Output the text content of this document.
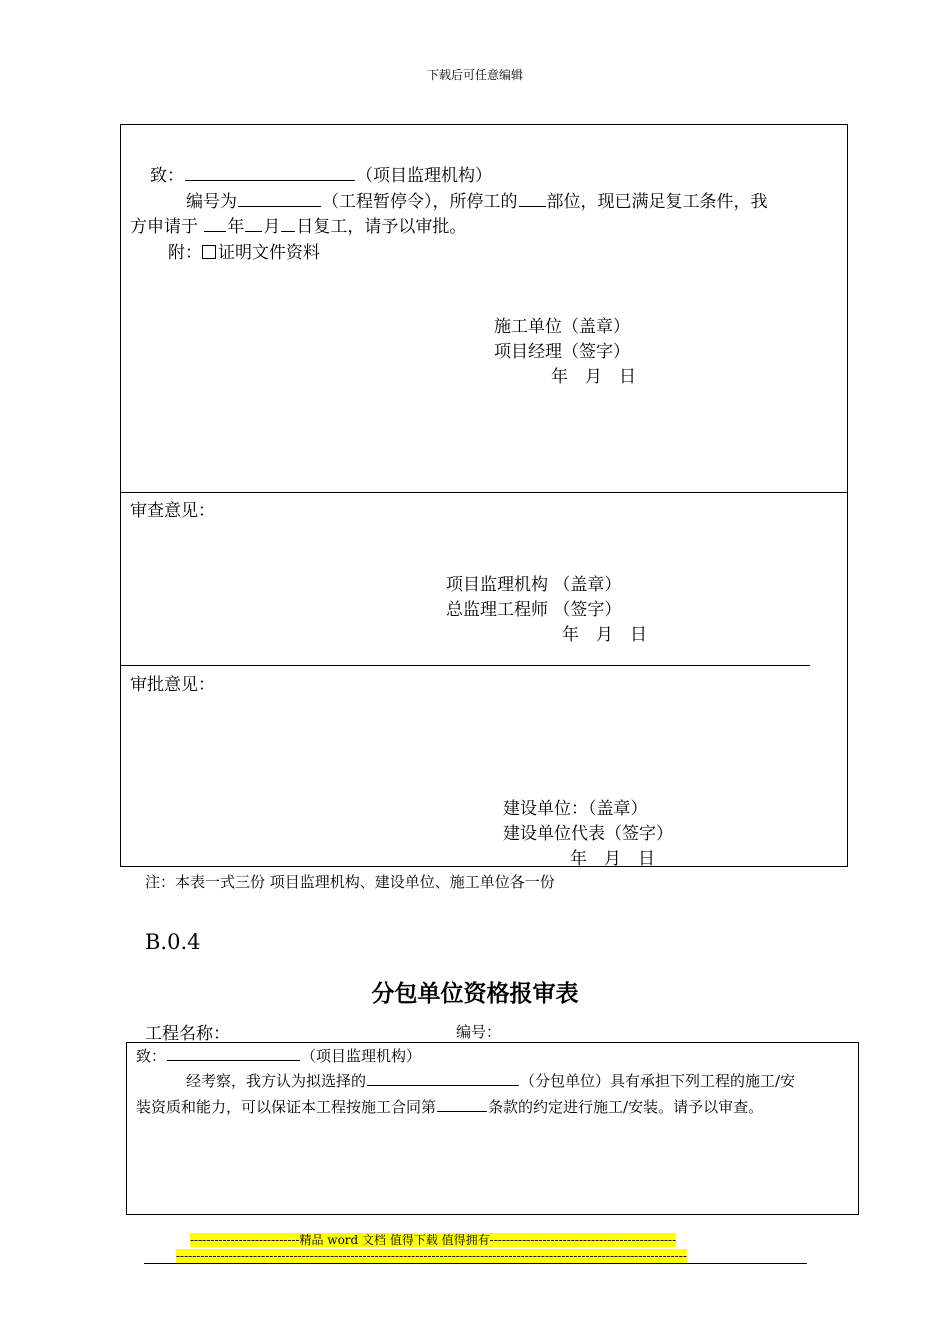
下载后可任意编辑
致：	（项目监理机构）
编号为	（工程暂停令），所停工的 部位，现已满足复工条件，我
方申请于 年 月 日复工，请予以审批。
附： 证明文件资料
施工单位（盖章）
项目经理（签字）
年　月　日
审查意见：
项目监理机构 （盖章）
总监理工程师 （签字）
年　月　日
审批意见：
建设单位：（盖章）
建设单位代表（签字）
年　月　日
注：本表一式三份 项目监理机构、建设单位、施工单位各一份
B.0.4
分包单位资格报审表
工程名称：	编号：
致：	（项目监理机构）
经考察，我方认为拟选择的	（分包单位）具有承担下列工程的施工/安
装资质和能力，可以保证本工程按施工合同第	条款的约定进行施工/安装。请予以审查。
---------------------------精品 word 文档 值得下载 值得拥有----------------------------------------------
------------------------------------------------------------------------------------------------------------------------------
